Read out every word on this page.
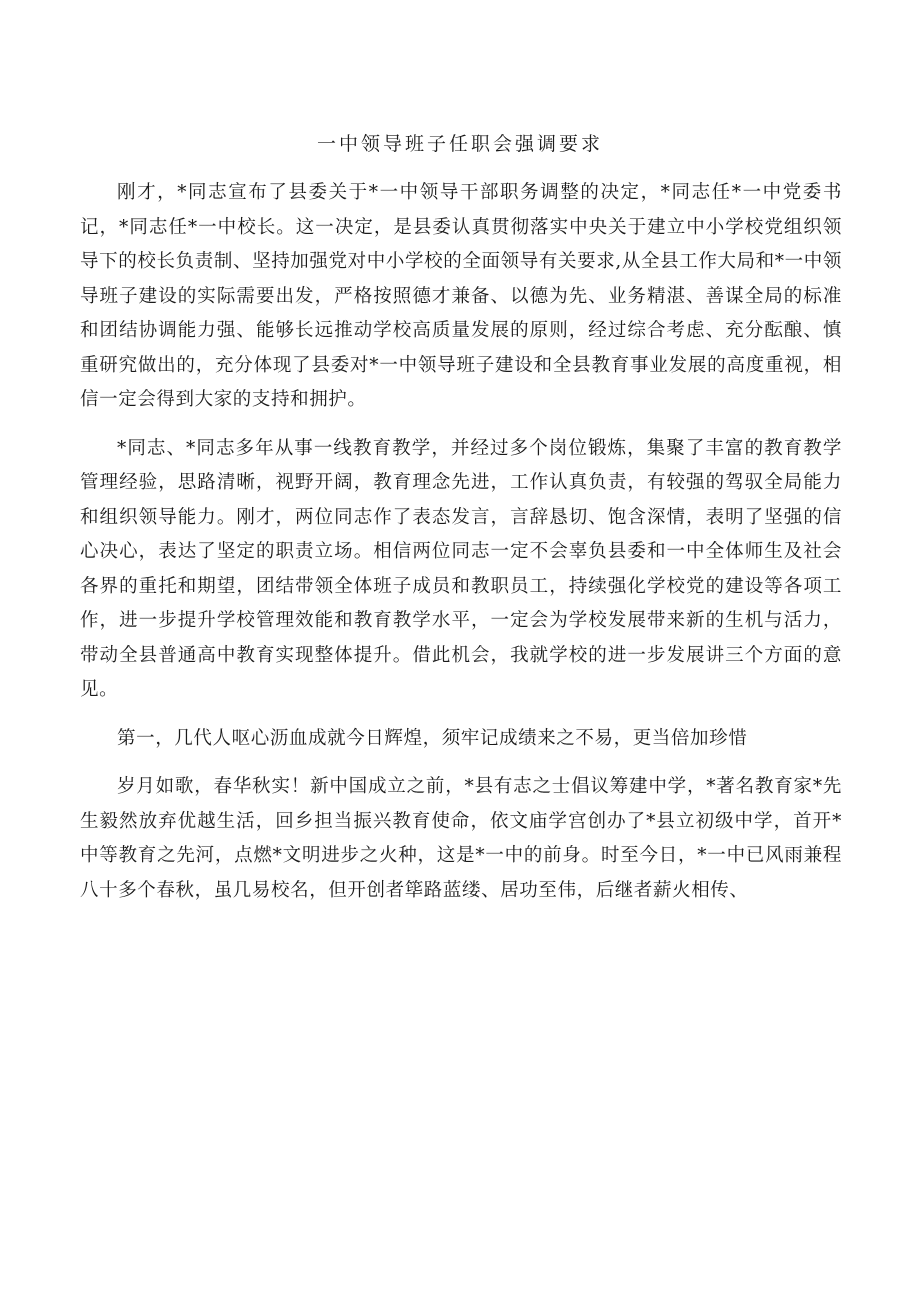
一中领导班子任职会强调要求

刚才，*同志宣布了县委关于*一中领导干部职务调整的决定，*同志任*一中党委书记，*同志任*一中校长。这一决定，是县委认真贯彻落实中央关于建立中小学校党组织领导下的校长负责制、坚持加强党对中小学校的全面领导有关要求,从全县工作大局和*一中领导班子建设的实际需要出发，严格按照德才兼备、以德为先、业务精湛、善谋全局的标准和团结协调能力强、能够长远推动学校高质量发展的原则，经过综合考虑、充分酝酿、慎重研究做出的，充分体现了县委对*一中领导班子建设和全县教育事业发展的高度重视，相信一定会得到大家的支持和拥护。

*同志、*同志多年从事一线教育教学，并经过多个岗位锻炼，集聚了丰富的教育教学管理经验，思路清晰，视野开阔，教育理念先进，工作认真负责，有较强的驾驭全局能力和组织领导能力。刚才，两位同志作了表态发言，言辞恳切、饱含深情，表明了坚强的信心决心，表达了坚定的职责立场。相信两位同志一定不会辜负县委和一中全体师生及社会各界的重托和期望，团结带领全体班子成员和教职员工，持续强化学校党的建设等各项工作，进一步提升学校管理效能和教育教学水平，一定会为学校发展带来新的生机与活力，带动全县普通高中教育实现整体提升。借此机会，我就学校的进一步发展讲三个方面的意见。

第一，几代人呕心沥血成就今日辉煌，须牢记成绩来之不易，更当倍加珍惜

岁月如歌，春华秋实！新中国成立之前，*县有志之士倡议筹建中学，*著名教育家*先生毅然放弃优越生活，回乡担当振兴教育使命，依文庙学宫创办了*县立初级中学，首开*中等教育之先河，点燃*文明进步之火种，这是*一中的前身。时至今日，*一中已风雨兼程八十多个春秋，虽几易校名，但开创者筚路蓝缕、居功至伟，后继者薪火相传、
